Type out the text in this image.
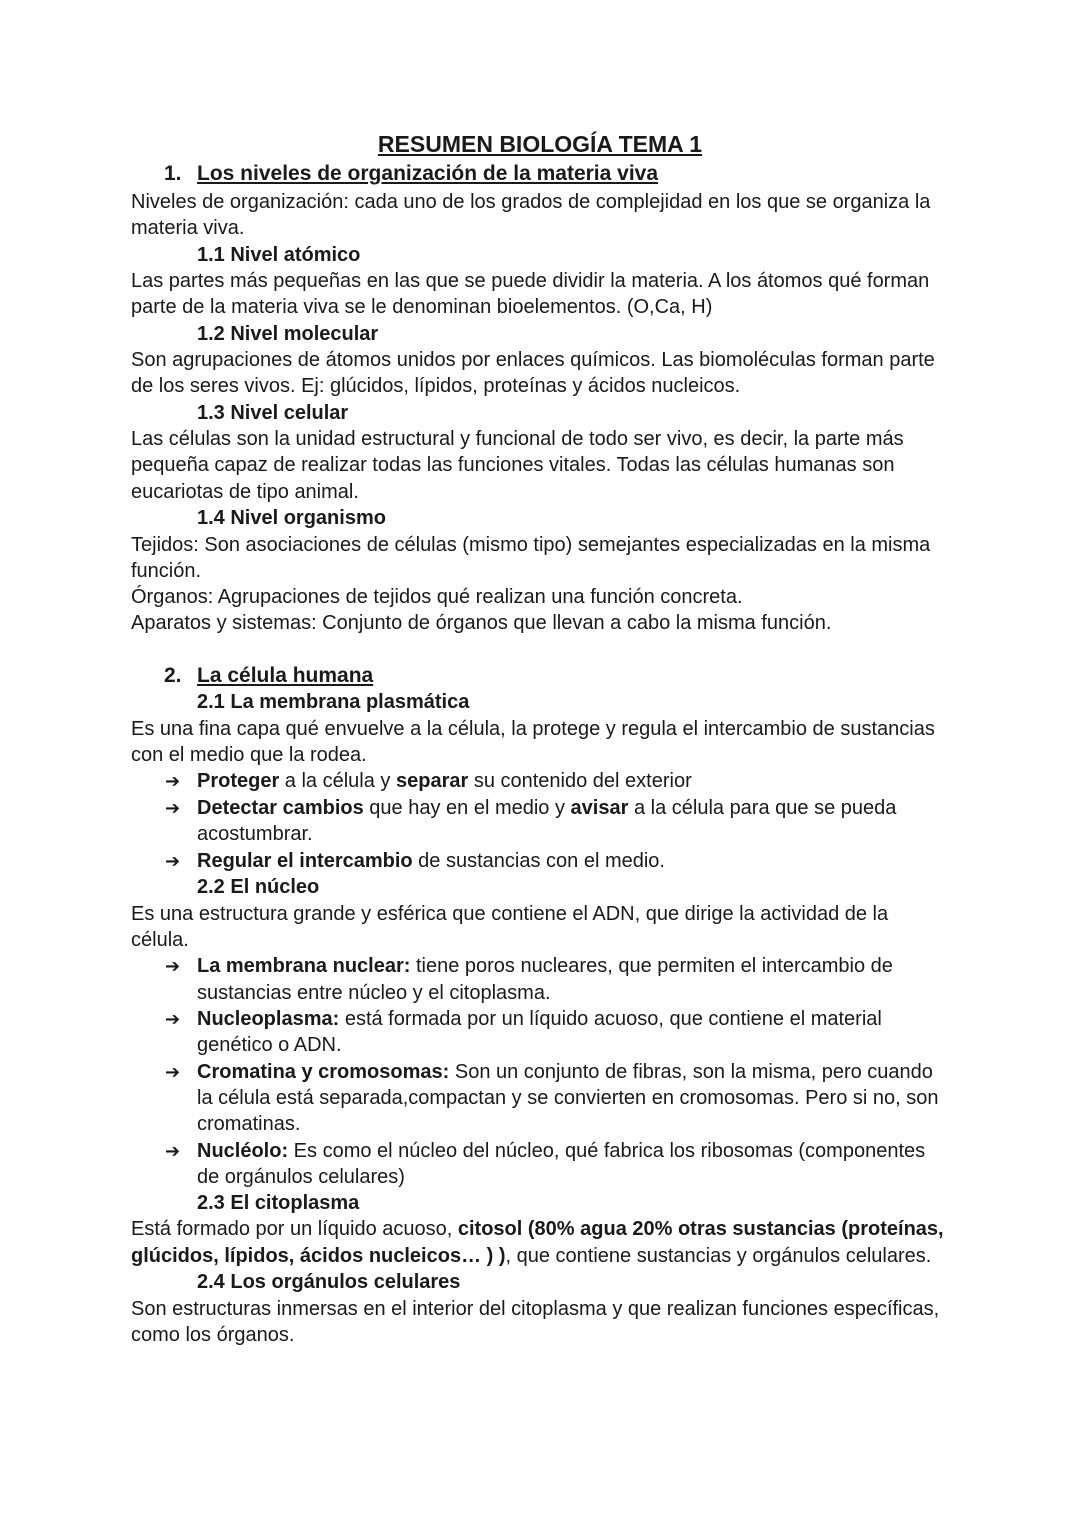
RESUMEN BIOLOGÍA TEMA 1
1. Los niveles de organización de la materia viva
Niveles de organización: cada uno de los grados de complejidad en los que se organiza la
materia viva.
1.1 Nivel atómico
Las partes más pequeñas en las que se puede dividir la materia. A los átomos qué forman
parte de la materia viva se le denominan bioelementos. (O,Ca, H)
1.2 Nivel molecular
Son agrupaciones de átomos unidos por enlaces químicos. Las biomoléculas forman parte
de los seres vivos. Ej: glúcidos, lípidos, proteínas y ácidos nucleicos.
1.3 Nivel celular
Las células son la unidad estructural y funcional de todo ser vivo, es decir, la parte más
pequeña capaz de realizar todas las funciones vitales. Todas las células humanas son
eucariotas de tipo animal.
1.4 Nivel organismo
Tejidos: Son asociaciones de células (mismo tipo) semejantes especializadas en la misma
función.
Órganos: Agrupaciones de tejidos qué realizan una función concreta.
Aparatos y sistemas: Conjunto de órganos que llevan a cabo la misma función.
2. La célula humana
2.1 La membrana plasmática
Es una fina capa qué envuelve a la célula, la protege y regula el intercambio de sustancias
con el medio que la rodea.
➔ Proteger a la célula y separar su contenido del exterior
➔ Detectar cambios que hay en el medio y avisar a la célula para que se pueda
acostumbrar.
➔ Regular el intercambio de sustancias con el medio.
2.2 El núcleo
Es una estructura grande y esférica que contiene el ADN, que dirige la actividad de la
célula.
➔ La membrana nuclear: tiene poros nucleares, que permiten el intercambio de
sustancias entre núcleo y el citoplasma.
➔ Nucleoplasma: está formada por un líquido acuoso, que contiene el material
genético o ADN.
➔ Cromatina y cromosomas: Son un conjunto de fibras, son la misma, pero cuando
la célula está separada,compactan y se convierten en cromosomas. Pero si no, son
cromatinas.
➔ Nucléolo: Es como el núcleo del núcleo, qué fabrica los ribosomas (componentes
de orgánulos celulares)
2.3 El citoplasma
Está formado por un líquido acuoso, citosol (80% agua 20% otras sustancias (proteínas,
glúcidos, lípidos, ácidos nucleicos… ) ), que contiene sustancias y orgánulos celulares.
2.4 Los orgánulos celulares
Son estructuras inmersas en el interior del citoplasma y que realizan funciones específicas,
como los órganos.
